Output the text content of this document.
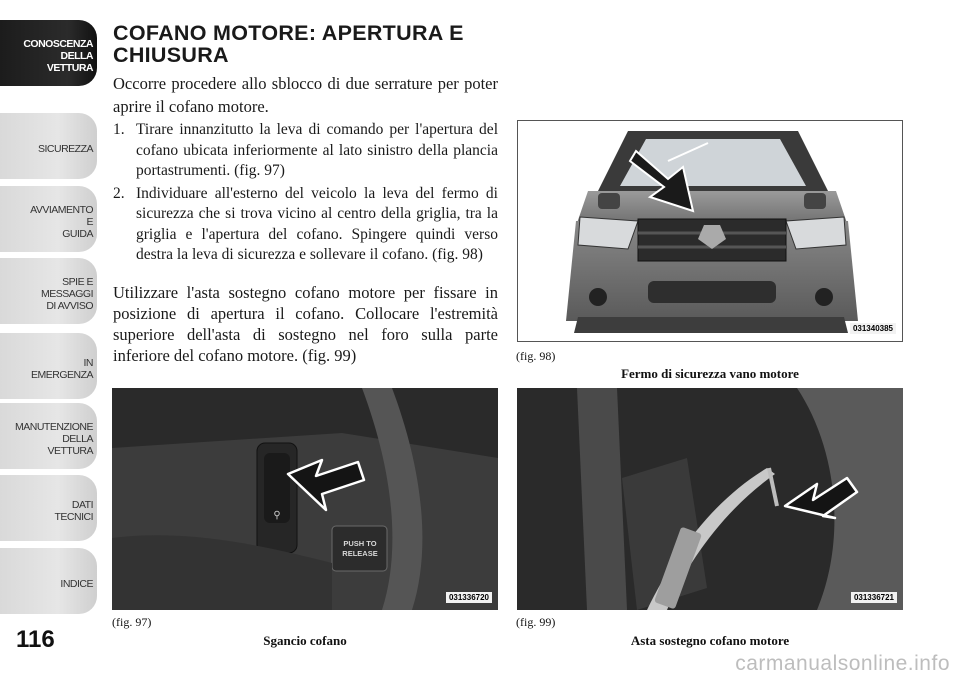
CONOSCENZA
DELLA
VETTURA
SICUREZZA
AVVIAMENTO
E
GUIDA
SPIE E
MESSAGGI
DI AVVISO
IN
EMERGENZA
MANUTENZIONE
DELLA
VETTURA
DATI
TECNICI
INDICE
116
COFANO MOTORE: APERTURA E CHIUSURA

Occorre procedere allo sblocco di due serrature per poter aprire il cofano motore.

1. Tirare innanzitutto la leva di comando per l'apertura del cofano ubicata inferiormente al lato sinistro della plancia portastrumenti. (fig. 97)
2. Individuare all'esterno del veicolo la leva del fermo di sicurezza che si trova vicino al centro della griglia, tra la griglia e l'apertura del cofano. Spingere quindi verso destra la leva di sicurezza e sollevare il cofano. (fig. 98)

Utilizzare l'asta sostegno cofano motore per fissare in posizione di apertura il cofano. Collocare l'estremità superiore dell'asta di sostegno nel foro sulla parte inferiore del cofano motore. (fig. 99)

031340385
(fig. 98)
Fermo di sicurezza vano motore
⚲
PUSH TO
RELEASE
031336720
(fig. 97)
Sgancio cofano
031336721
(fig. 99)
Asta sostegno cofano motore
carmanualsonline.info
